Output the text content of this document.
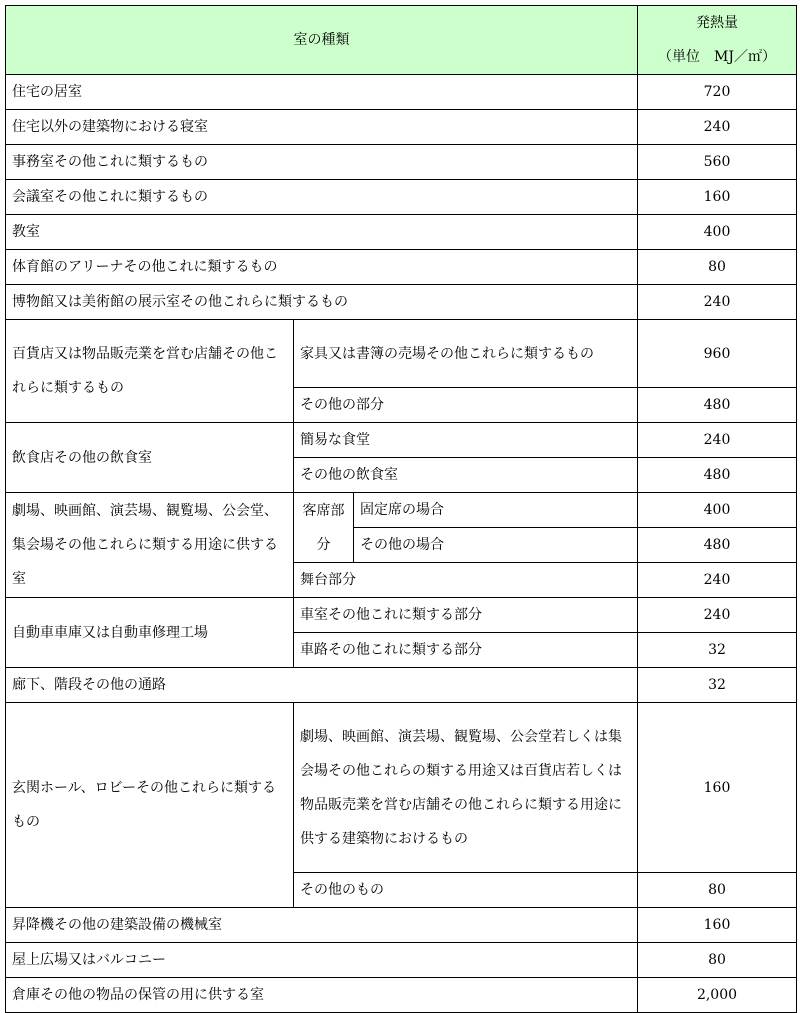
室の種類			発熱量
（単位　MJ／㎡）

住宅の居室			720
住宅以外の建築物における寝室			240
事務室その他これに類するもの			560
会議室その他これに類するもの			160
教室			400
体育館のアリーナその他これに類するもの			80
博物館又は美術館の展示室その他これらに類するもの			240
百貨店又は物品販売業を営む店舗その他これらに類するもの	家具又は書簿の売場その他これらに類するもの		960
	その他の部分		480
飲食店その他の飲食室	簡易な食堂		240
	その他の飲食室		480
劇場、映画館、演芸場、観覧場、公会堂、集会場その他これらに類する用途に供する室	客席部分	固定席の場合	400
		その他の場合	480
	舞台部分		240
自動車車庫又は自動車修理工場	車室その他これに類する部分		240
	車路その他これに類する部分		32
廊下、階段その他の通路			32
玄関ホール、ロビーその他これらに類するもの	劇場、映画館、演芸場、観覧場、公会堂若しくは集会場その他これらの類する用途又は百貨店若しくは物品販売業を営む店舗その他これらに類する用途に供する建築物におけるもの		160
	その他のもの		80
昇降機その他の建築設備の機械室			160
屋上広場又はバルコニー			80
倉庫その他の物品の保管の用に供する室			2,000
